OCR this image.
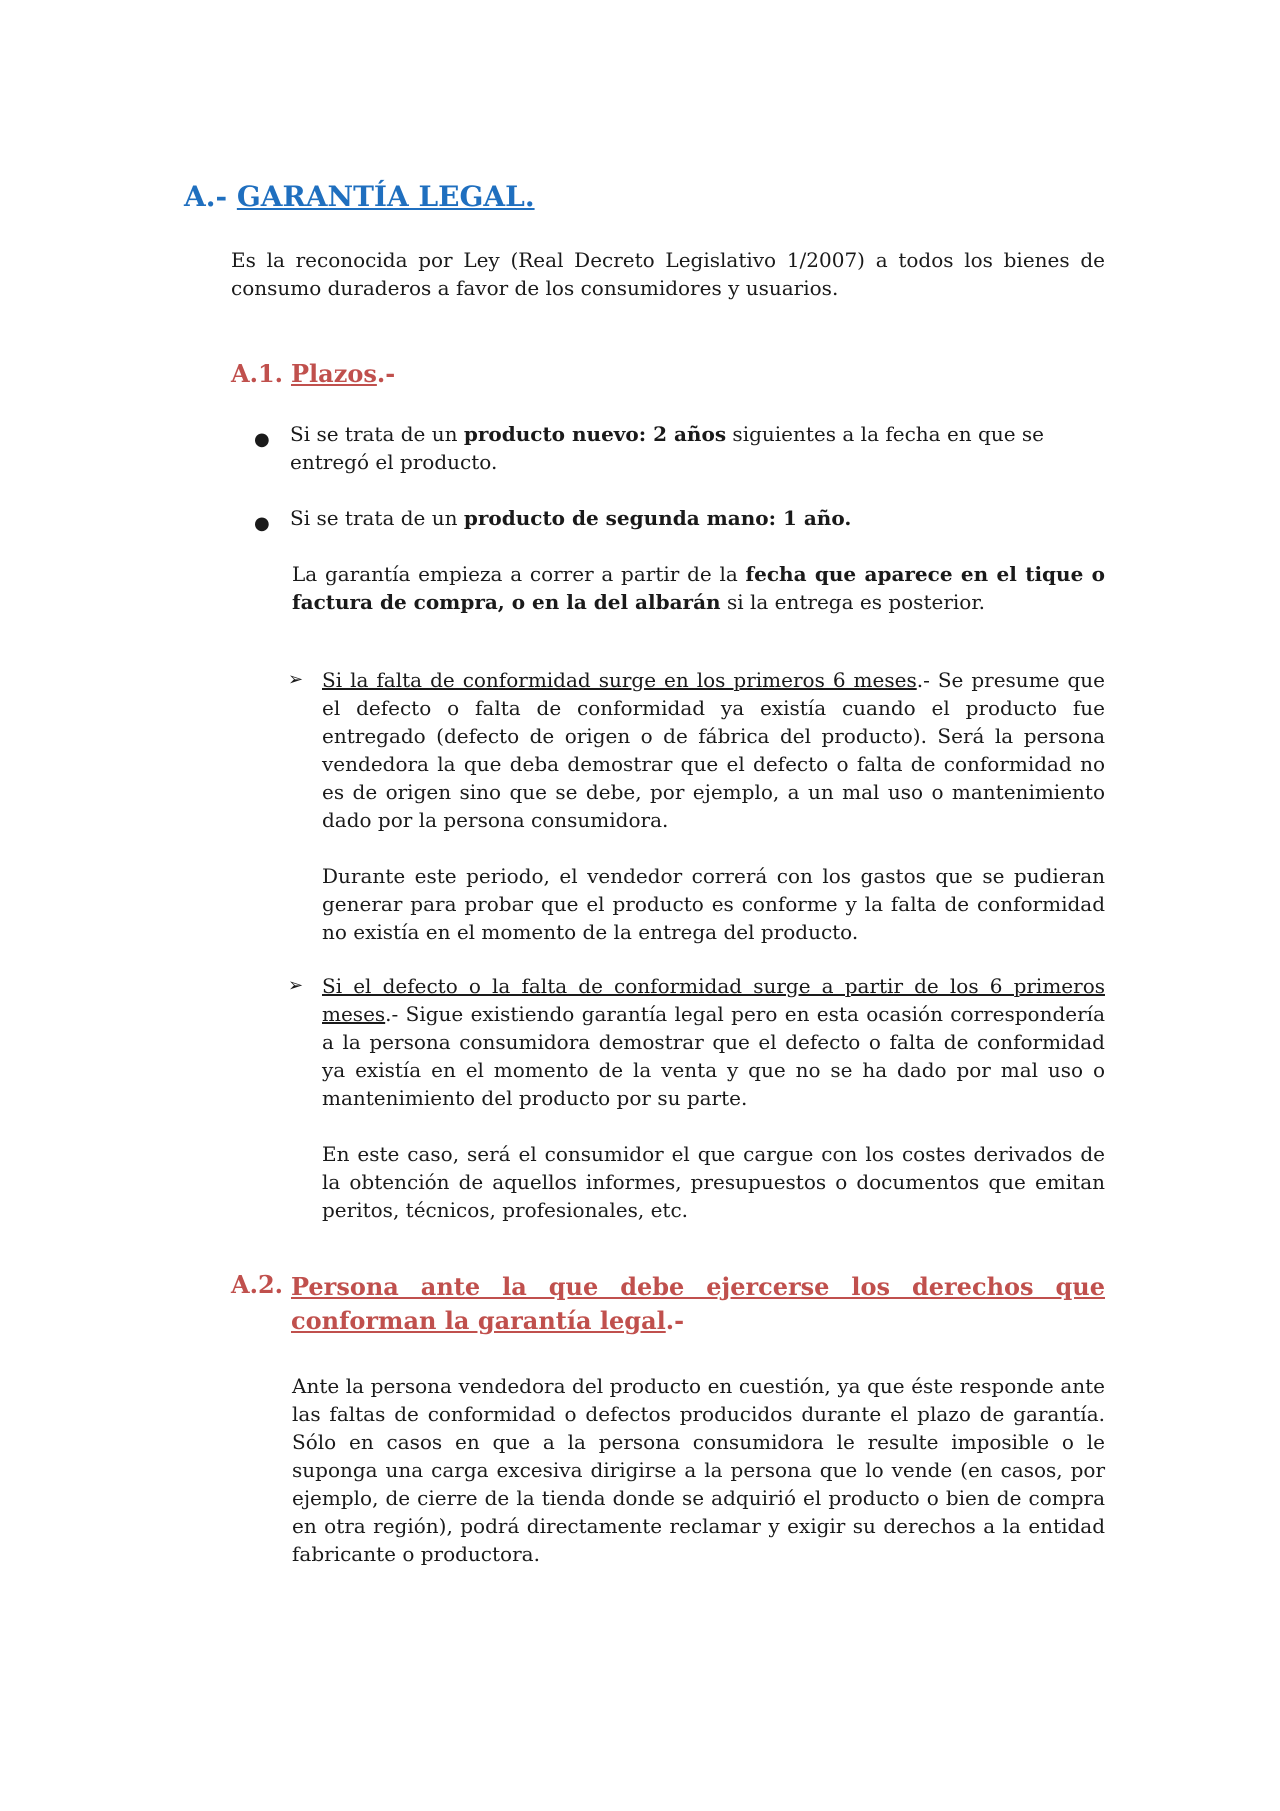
A.- GARANTÍA LEGAL.

Es la reconocida por Ley (Real Decreto Legislativo 1/2007) a todos los bienes de consumo duraderos a favor de los consumidores y usuarios.

A.1. Plazos.-
● Si se trata de un producto nuevo: 2 años siguientes a la fecha en que se entregó el producto.
● Si se trata de un producto de segunda mano: 1 año.

La garantía empieza a correr a partir de la fecha que aparece en el tique o factura de compra, o en la del albarán si la entrega es posterior.

➢ Si la falta de conformidad surge en los primeros 6 meses.- Se presume que el defecto o falta de conformidad ya existía cuando el producto fue entregado (defecto de origen o de fábrica del producto). Será la persona vendedora la que deba demostrar que el defecto o falta de conformidad no es de origen sino que se debe, por ejemplo, a un mal uso o mantenimiento dado por la persona consumidora.

Durante este periodo, el vendedor correrá con los gastos que se pudieran generar para probar que el producto es conforme y la falta de conformidad no existía en el momento de la entrega del producto.

➢ Si el defecto o la falta de conformidad surge a partir de los 6 primeros meses.- Sigue existiendo garantía legal pero en esta ocasión correspondería a la persona consumidora demostrar que el defecto o falta de conformidad ya existía en el momento de la venta y que no se ha dado por mal uso o mantenimiento del producto por su parte.

En este caso, será el consumidor el que cargue con los costes derivados de la obtención de aquellos informes, presupuestos o documentos que emitan peritos, técnicos, profesionales, etc.

A.2. Persona ante la que debe ejercerse los derechos que conforman la garantía legal.-

Ante la persona vendedora del producto en cuestión, ya que éste responde ante las faltas de conformidad o defectos producidos durante el plazo de garantía. Sólo en casos en que a la persona consumidora le resulte imposible o le suponga una carga excesiva dirigirse a la persona que lo vende (en casos, por ejemplo, de cierre de la tienda donde se adquirió el producto o bien de compra en otra región), podrá directamente reclamar y exigir su derechos a la entidad fabricante o productora.
